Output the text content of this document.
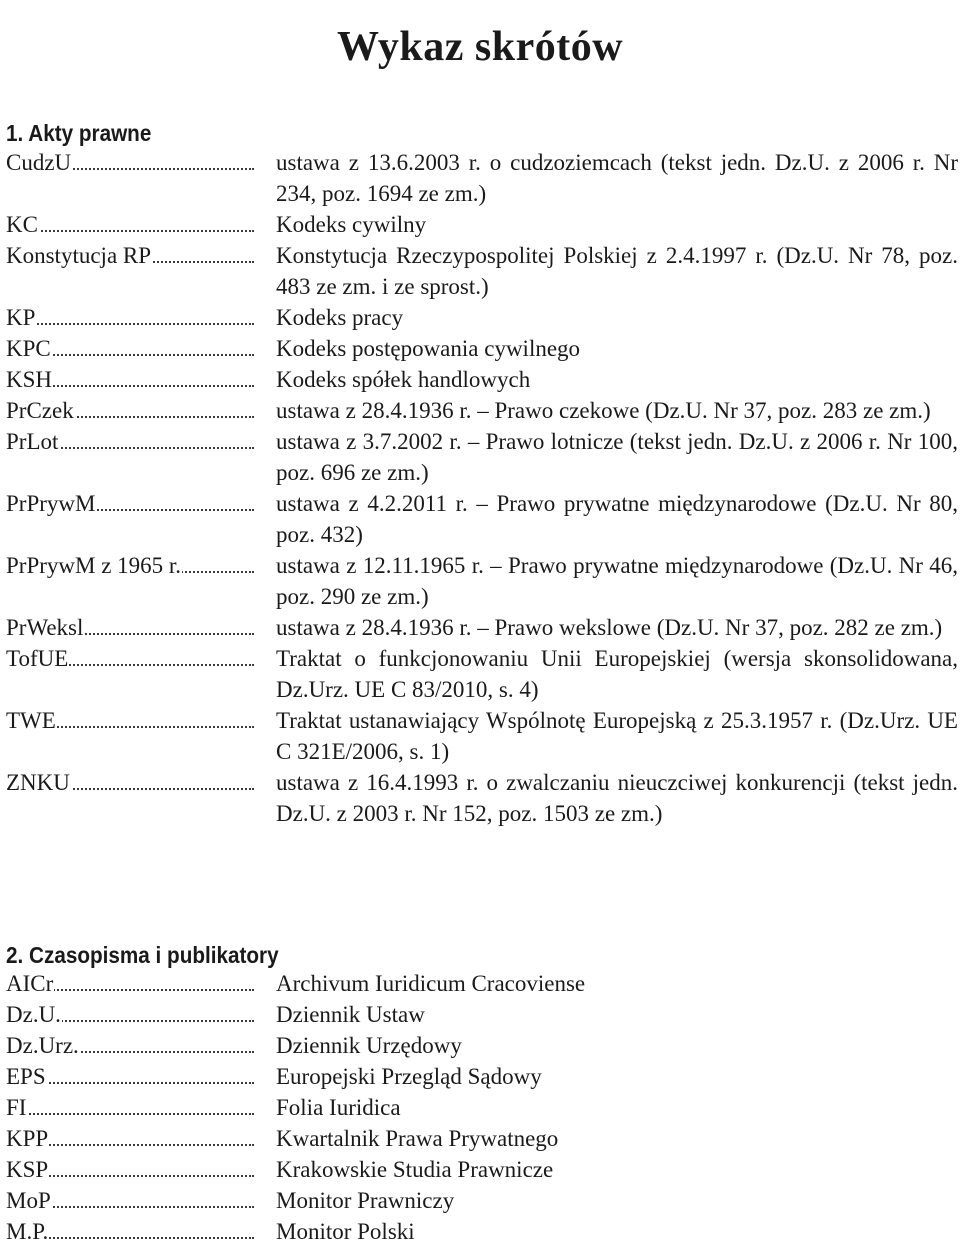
Wykaz skrótów
1. Akty prawne
CudzU	ustawa z 13.6.2003 r. o cudzoziemcach (tekst jedn. Dz.U. z 2006 r. Nr 234, poz. 1694 ze zm.)
KC	Kodeks cywilny
Konstytucja RP	Konstytucja Rzeczypospolitej Polskiej z 2.4.1997 r. (Dz.U. Nr 78, poz. 483 ze zm. i ze sprost.)
KP	Kodeks pracy
KPC	Kodeks postępowania cywilnego
KSH	Kodeks spółek handlowych
PrCzek	ustawa z 28.4.1936 r. – Prawo czekowe (Dz.U. Nr 37, poz. 283 ze zm.)
PrLot	ustawa z 3.7.2002 r. – Prawo lotnicze (tekst jedn. Dz.U. z 2006 r. Nr 100, poz. 696 ze zm.)
PrPrywM	ustawa z 4.2.2011 r. – Prawo prywatne międzynarodowe (Dz.U. Nr 80, poz. 432)
PrPrywM z 1965 r.	ustawa z 12.11.1965 r. – Prawo prywatne międzynarodowe (Dz.U. Nr 46, poz. 290 ze zm.)
PrWeksl	ustawa z 28.4.1936 r. – Prawo wekslowe (Dz.U. Nr 37, poz. 282 ze zm.)
TofUE	Traktat o funkcjonowaniu Unii Europejskiej (wersja skonsolidowana, Dz.Urz. UE C 83/2010, s. 4)
TWE	Traktat ustanawiający Wspólnotę Europejską z 25.3.1957 r. (Dz.Urz. UE C 321E/2006, s. 1)
ZNKU	ustawa z 16.4.1993 r. o zwalczaniu nieuczciwej konkurencji (tekst jedn. Dz.U. z 2003 r. Nr 152, poz. 1503 ze zm.)
2. Czasopisma i publikatory
AICr	Archivum Iuridicum Cracoviense
Dz.U.	Dziennik Ustaw
Dz.Urz.	Dziennik Urzędowy
EPS	Europejski Przegląd Sądowy
FI	Folia Iuridica
KPP	Kwartalnik Prawa Prywatnego
KSP	Krakowskie Studia Prawnicze
MoP	Monitor Prawniczy
M.P.	Monitor Polski
